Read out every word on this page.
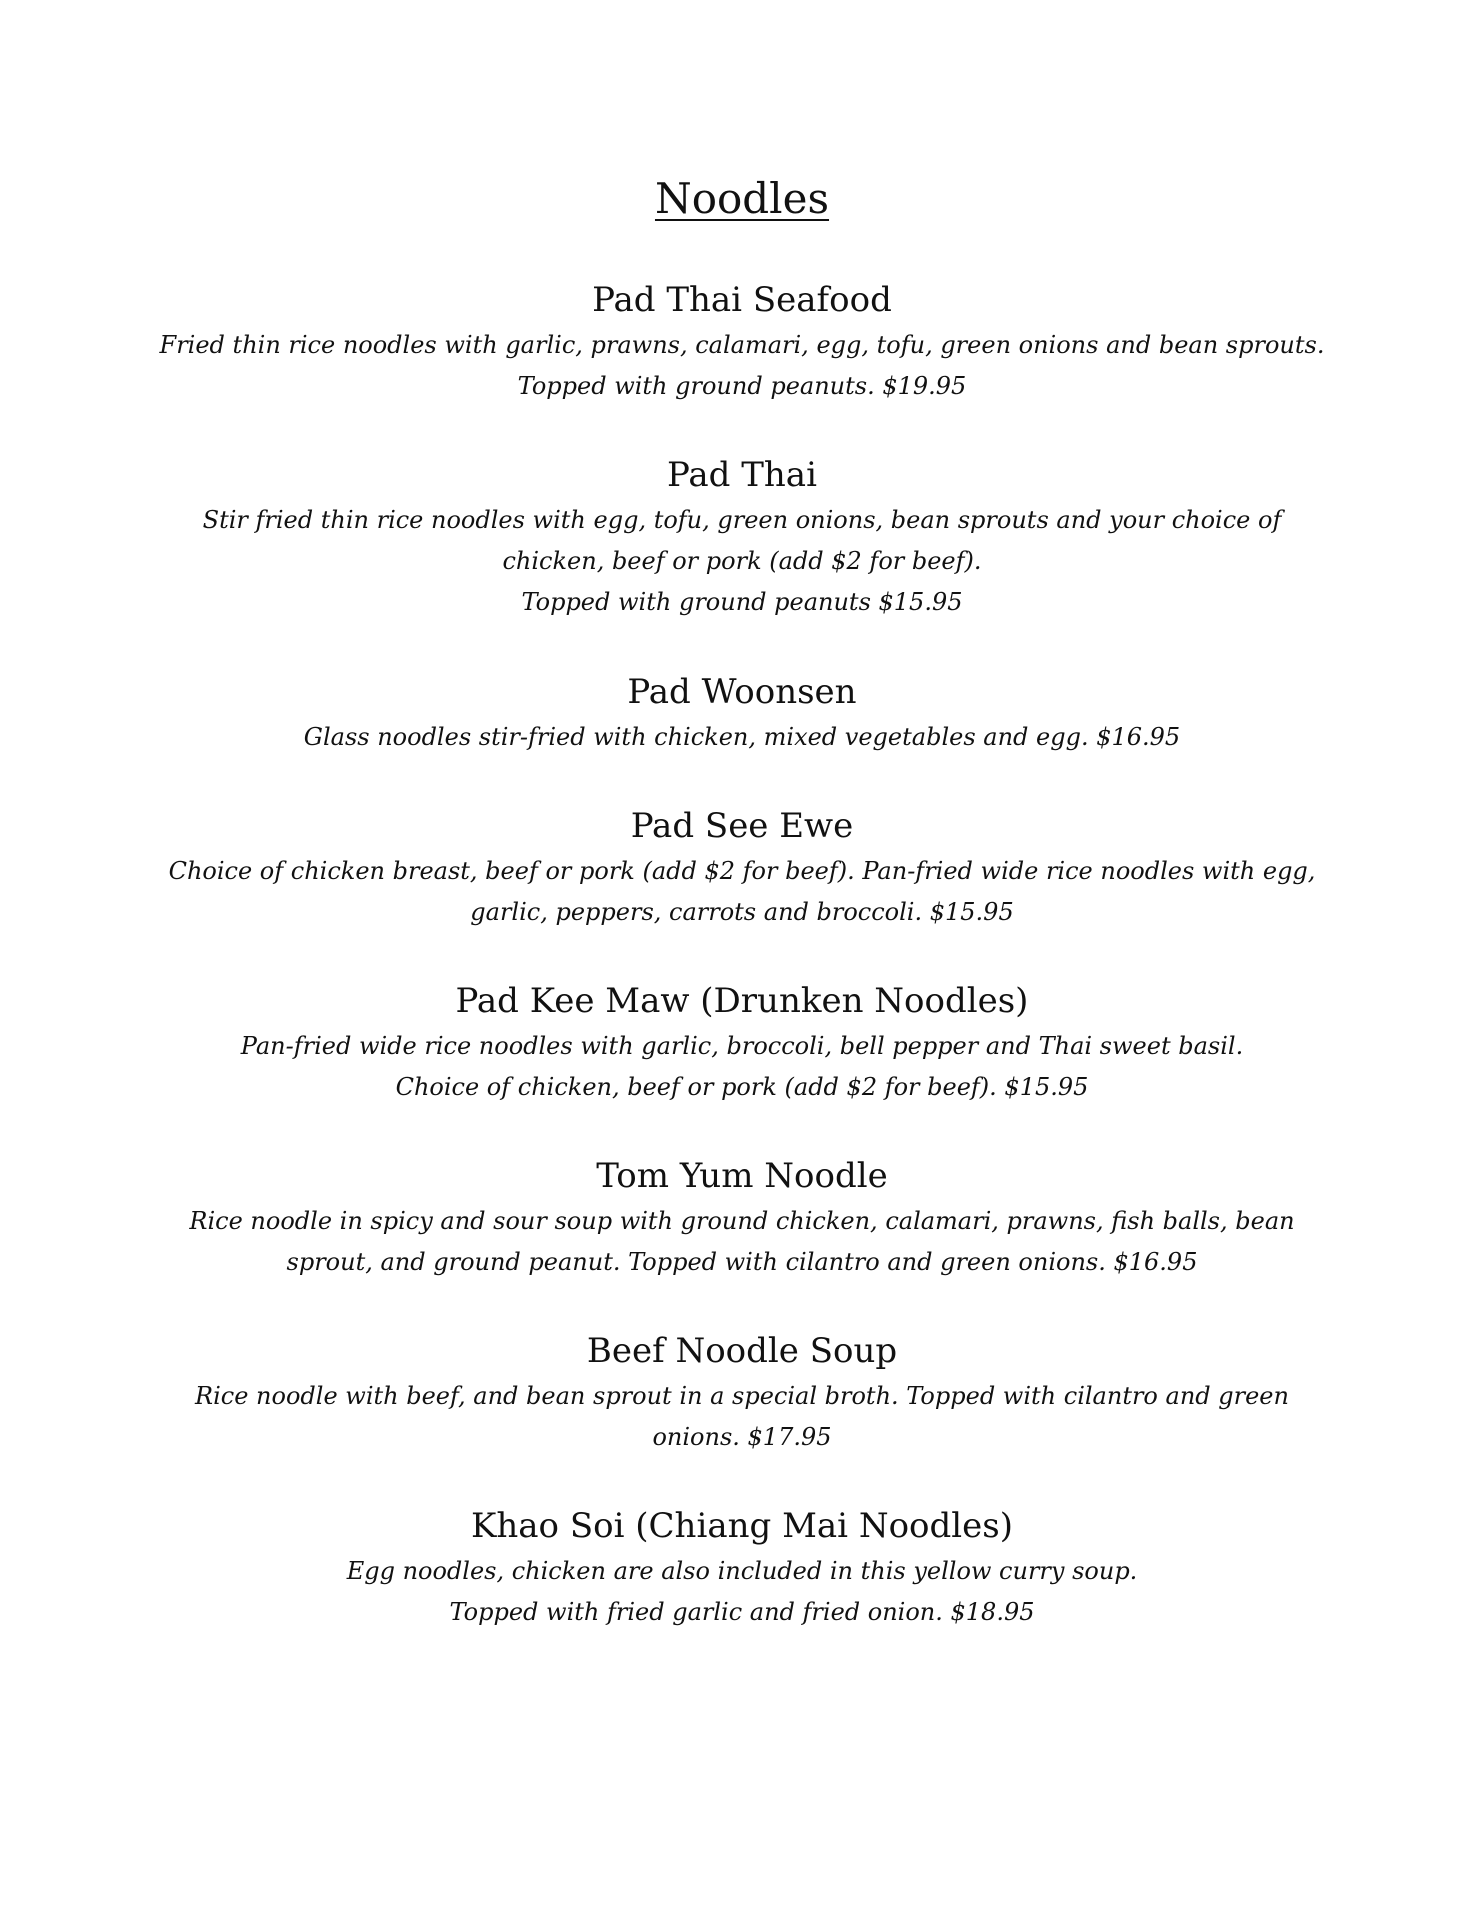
Noodles
Pad Thai Seafood

Fried thin rice noodles with garlic, prawns, calamari, egg, tofu, green onions and bean sprouts.
Topped with ground peanuts. $19.95

Pad Thai

Stir fried thin rice noodles with egg, tofu, green onions, bean sprouts and your choice of
chicken, beef or pork (add $2 for beef).
Topped with ground peanuts $15.95

Pad Woonsen

Glass noodles stir-fried with chicken, mixed vegetables and egg. $16.95

Pad See Ewe

Choice of chicken breast, beef or pork (add $2 for beef). Pan-fried wide rice noodles with egg,
garlic, peppers, carrots and broccoli. $15.95

Pad Kee Maw (Drunken Noodles)

Pan-fried wide rice noodles with garlic, broccoli, bell pepper and Thai sweet basil.
Choice of chicken, beef or pork (add $2 for beef). $15.95

Tom Yum Noodle

Rice noodle in spicy and sour soup with ground chicken, calamari, prawns, fish balls, bean
sprout, and ground peanut. Topped with cilantro and green onions. $16.95

Beef Noodle Soup

Rice noodle with beef, and bean sprout in a special broth. Topped with cilantro and green
onions. $17.95

Khao Soi (Chiang Mai Noodles)

Egg noodles, chicken are also included in this yellow curry soup.
Topped with fried garlic and fried onion. $18.95
